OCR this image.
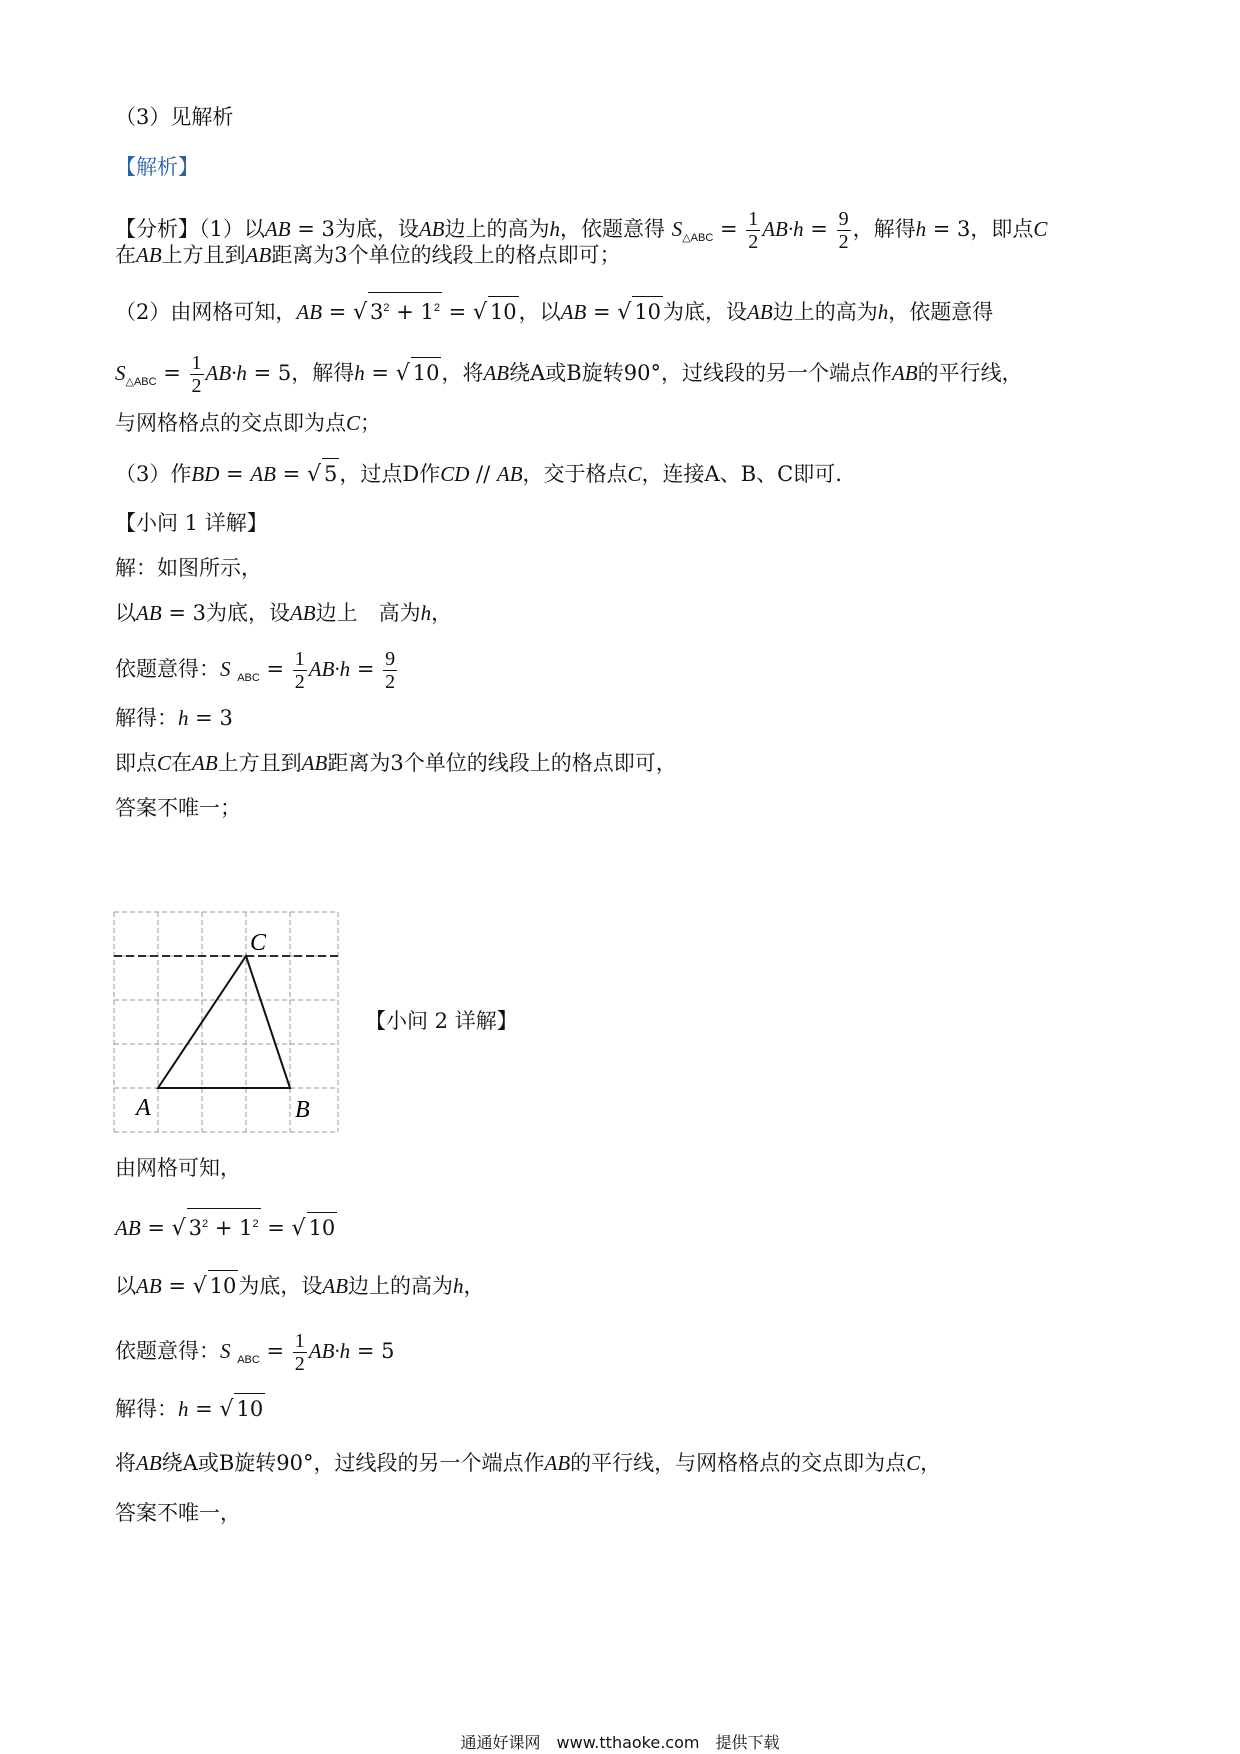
（3）见解析
【解析】
【分析】（1）以AB = 3为底，设AB边上的高为h，依题意得 $S_{\triangle ABC} = \frac{1}{2} AB\cdot h = \frac{9}{2}$ ，解得h = 3，即点C
在AB上方且到AB距离为3个单位的线段上的格点即可；
（2）由网格可知，AB = √ $3^2 + 1^2$ = √ 10，以AB = √ 10为底，设AB边上的高为h，依题意得
$S_{\triangle ABC} = \frac{1}{2} AB\cdot h = 5$，解得h = √ 10，将AB绕A或B旋转90°，过线段的另一个端点作AB的平行线，
与网格格点的交点即为点C；
（3）作BD = AB = √ 5，过点D作CD // AB，交于格点C，连接A、B、C即可.
【小问 1 详解】
解：如图所示，
以AB = 3为底，设AB边上　高为h，
依题意得：S $_{ABC} = \frac{1}{2} AB\cdot h = \frac{9}{2}$
解得：h = 3
即点C在AB上方且到AB距离为3个单位的线段上的格点即可，
答案不唯一；
C
A	B
【小问 2 详解】
由网格可知，
AB = √ $3^2 + 1^2$ = √ 10
以AB = √ 10为底，设AB边上的高为h，
依题意得：S $_{ABC} = \frac{1}{2} AB\cdot h = 5$
解得：h = √ 10
将AB绕A或B旋转90°，过线段的另一个端点作AB的平行线，与网格格点的交点即为点C，
答案不唯一，
通通好课网　www.tthaoke.com　提供下载
